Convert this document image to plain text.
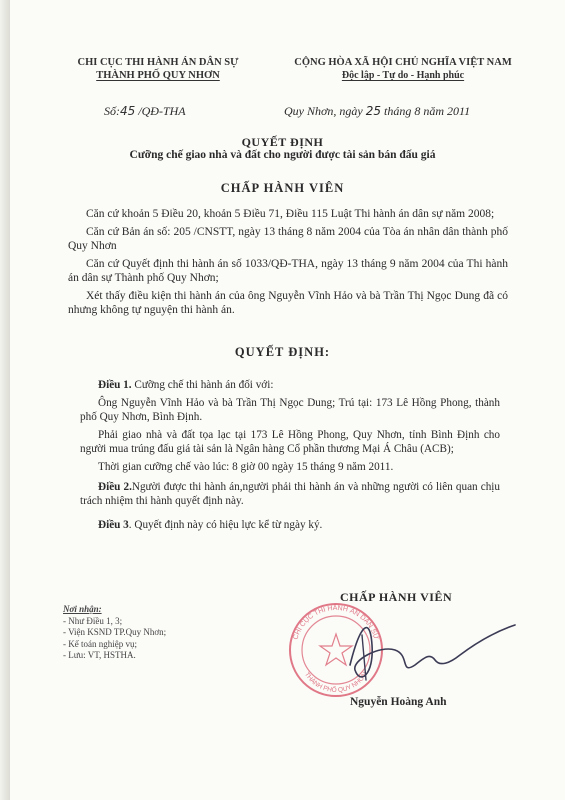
CHI CỤC THI HÀNH ÁN DÂN SỰ
THÀNH PHỐ QUY NHƠN
CỘNG HÒA XÃ HỘI CHỦ NGHĨA VIỆT NAM
Độc lập - Tự do - Hạnh phúc
Số:45 /QĐ-THA	Quy Nhơn, ngày 25 tháng 8 năm 2011
QUYẾT ĐỊNH
Cưỡng chế giao nhà và đất cho người được tài sản bán đấu giá
CHẤP HÀNH VIÊN

Căn cứ khoản 5 Điều 20, khoản 5 Điều 71, Điều 115 Luật Thi hành án dân sự năm 2008;

Căn cứ Bản án số: 205 /CNSTT, ngày 13 tháng 8 năm 2004 của Tòa án nhân dân thành phố Quy Nhơn

Căn cứ Quyết định thi hành án số 1033/QĐ-THA, ngày 13 tháng 9 năm 2004 của Thi hành án dân sự Thành phố Quy Nhơn;

Xét thấy điều kiện thi hành án của ông Nguyễn Vĩnh Hảo và bà Trần Thị Ngọc Dung đã có nhưng không tự nguyện thi hành án.

QUYẾT ĐỊNH:

Điều 1. Cưỡng chế thi hành án đối với:

Ông Nguyễn Vĩnh Hảo và bà Trần Thị Ngọc Dung; Trú tại: 173 Lê Hồng Phong, thành phố Quy Nhơn, Bình Định.

Phải giao nhà và đất tọa lạc tại 173 Lê Hồng Phong, Quy Nhơn, tỉnh Bình Định cho người mua trúng đấu giá tài sản là Ngân hàng Cổ phần thương Mại Á Châu (ACB);

Thời gian cưỡng chế vào lúc: 8 giờ 00 ngày 15 tháng 9 năm 2011.

Điều 2.Người được thi hành án,người phải thi hành án và những người có liên quan chịu trách nhiệm thi hành quyết định này.

Điều 3. Quyết định này có hiệu lực kể từ ngày ký.

Nơi nhận:
- Như Điều 1, 3;
- Viện KSND TP.Quy Nhơn;
- Kế toán nghiệp vụ;
- Lưu: VT, HSTHA.
CHẤP HÀNH VIÊN
CHI CỤC THI HÀNH ÁN DÂN SỰ
THÀNH PHỐ QUY NHƠN
Nguyễn Hoàng Anh
